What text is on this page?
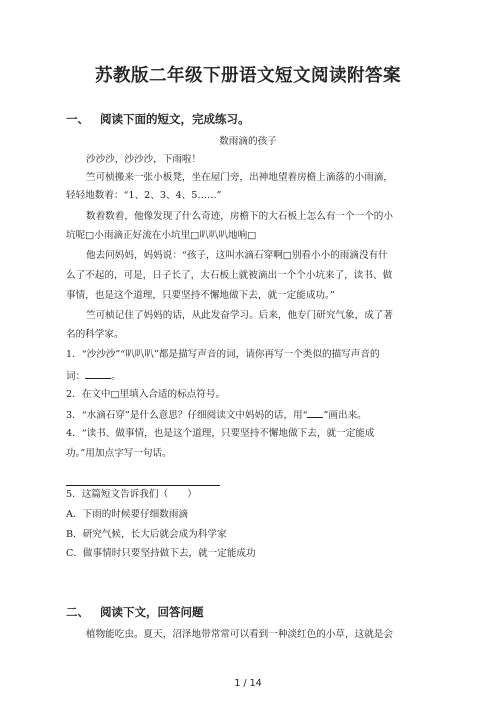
苏教版二年级下册语文短文阅读附答案
一、 阅读下面的短文，完成练习。
数雨滴的孩子
沙沙沙，沙沙沙，下雨啦！
竺可桢搬来一张小板凳，坐在屋门旁，出神地望着房檐上滴落的小雨滴，
轻轻地数着：“1、2、3、4、5……”
数着数着，他像发现了什么奇迹，房檐下的大石板上怎么有一个一个的小
坑呢□小雨滴正好流在小坑里□叭叭叭地响□
他去问妈妈，妈妈说：“孩子，这叫水滴石穿啊□别看小小的雨滴没有什
么了不起的，可是，日子长了，大石板上就被滴出一个个小坑来了，读书、做
事情，也是这个道理，只要坚持不懈地做下去，就一定能成功。”
竺可桢记住了妈妈的话，从此发奋学习。后来，他专门研究气象，成了著
名的科学家。
1．“沙沙沙”“叭叭叭”都是描写声音的词，请你再写一个类似的描写声音的
词：	。
2．在文中□里填入合适的标点符号。
3．“水滴石穿”是什么意思？仔细阅读文中妈妈的话，用“ ”画出来。
4．“读书、做事情，也是这个道理，只要坚持不懈地做下去，就一定能成
功。”用加点字写一句话。
5．这篇短文告诉我们（　　）
A．下雨的时候要仔细数雨滴
B．研究气候，长大后就会成为科学家
C．做事情时只要坚持做下去，就一定能成功
二、 阅读下文，回答问题
植物能吃虫。夏天，沼泽地带常常可以看到一种淡红色的小草，这就是会
1 / 14
